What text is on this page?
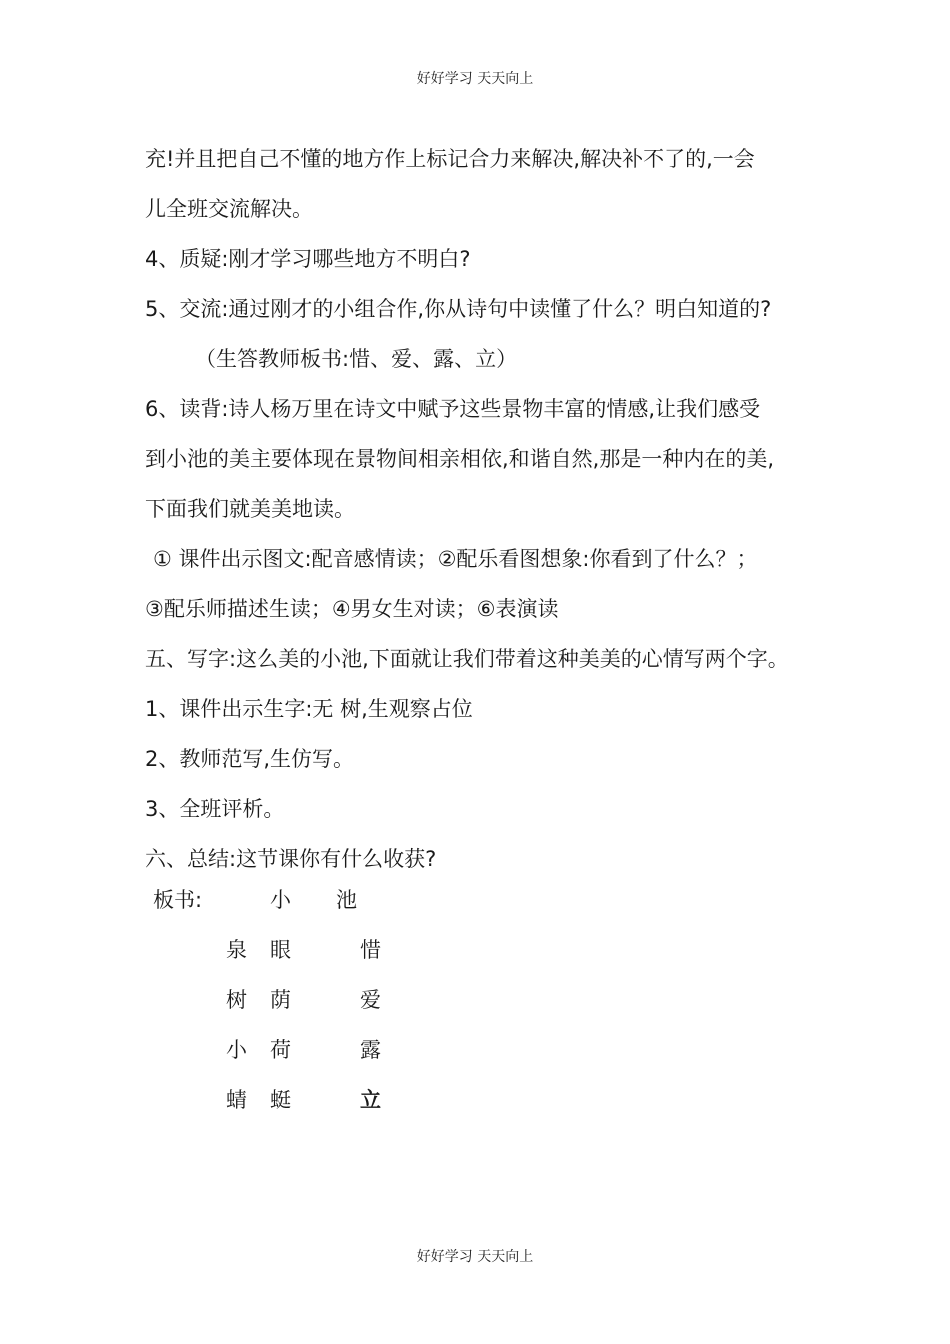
好好学习 天天向上
充!并且把自己不懂的地方作上标记合力来解决,解决补不了的,一会
儿全班交流解决。
4、质疑:刚才学习哪些地方不明白?
5、交流:通过刚才的小组合作,你从诗句中读懂了什么？明白知道的?
（生答教师板书:惜、爱、露、立）
6、读背:诗人杨万里在诗文中赋予这些景物丰富的情感,让我们感受
到小池的美主要体现在景物间相亲相依,和谐自然,那是一种内在的美,
下面我们就美美地读。
① 课件出示图文:配音感情读；②配乐看图想象:你看到了什么？；
③配乐师描述生读；④男女生对读；⑥表演读
五、写字:这么美的小池,下面就让我们带着这种美美的心情写两个字。
1、课件出示生字:无 树,生观察占位
2、教师范写,生仿写。
3、全班评析。
六、总结:这节课你有什么收获?
板书:	小 池
泉 眼	惜
树 荫	爱
小 荷	露
蜻 蜓	立
好好学习 天天向上
